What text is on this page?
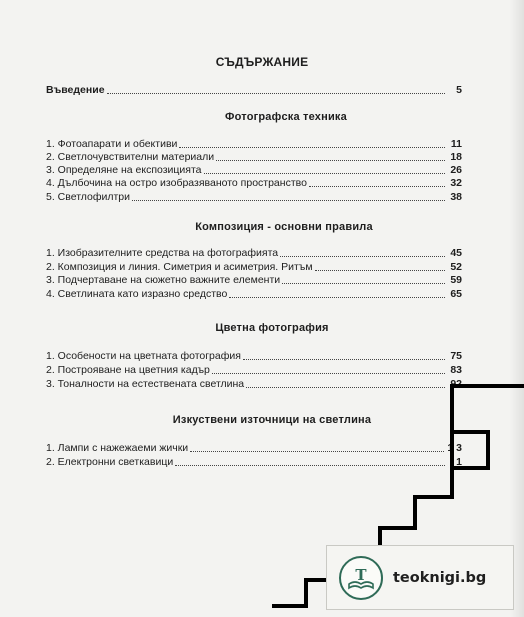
СЪДЪРЖАНИЕ
Въведение	5
Фотографска техника
1. Фотоапарати и обективи	11
2. Светлочувствителни материали	18
3. Определяне на експозицията	26
4. Дълбочина на остро изобразяваното пространство	32
5. Светлофилтри	38
Композиция - основни правила
1. Изобразителните средства на фотографията	45
2. Композиция и линия. Симетрия и асиметрия. Ритъм	52
3. Подчертаване на сюжетно важните елементи	59
4. Светлината като изразно средство	65
Цветна фотография
1. Особености на цветната фотография	75
2. Построяване на цветния кадър	83
3. Тоналности на естествената светлина	92
Изкуствени източници на светлина
1. Лампи с нажежаеми жички	1 3
2. Електронни светкавици	1
Т teoknigi.bg
